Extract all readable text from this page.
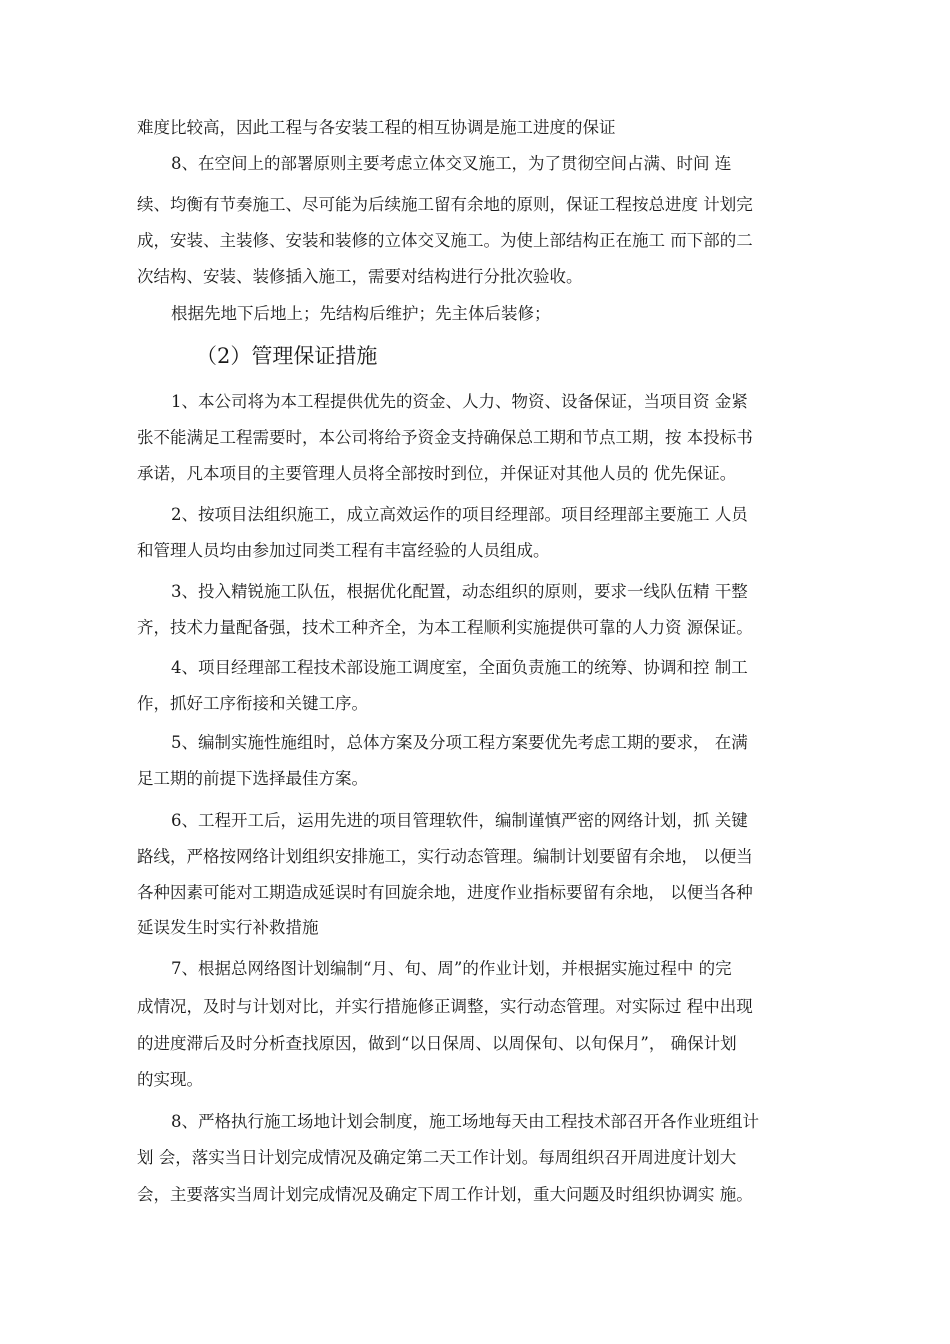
难度比较高，因此工程与各安装工程的相互协调是施工进度的保证
8、在空间上的部署原则主要考虑立体交叉施工，为了贯彻空间占满、时间 连
续、均衡有节奏施工、尽可能为后续施工留有余地的原则，保证工程按总进度 计划完
成，安装、主装修、安装和装修的立体交叉施工。为使上部结构正在施工 而下部的二
次结构、安装、装修插入施工，需要对结构进行分批次验收。
根据先地下后地上；先结构后维护；先主体后装修；
（2）管理保证措施
1、本公司将为本工程提供优先的资金、人力、物资、设备保证，当项目资 金紧
张不能满足工程需要时，本公司将给予资金支持确保总工期和节点工期，按 本投标书
承诺，凡本项目的主要管理人员将全部按时到位，并保证对其他人员的 优先保证。
2、按项目法组织施工，成立高效运作的项目经理部。项目经理部主要施工 人员
和管理人员均由参加过同类工程有丰富经验的人员组成。
3、投入精锐施工队伍，根据优化配置，动态组织的原则，要求一线队伍精 干整
齐，技术力量配备强，技术工种齐全，为本工程顺利实施提供可靠的人力资 源保证。
4、项目经理部工程技术部设施工调度室，全面负责施工的统筹、协调和控 制工
作，抓好工序衔接和关键工序。
5、编制实施性施组时，总体方案及分项工程方案要优先考虑工期的要求， 在满
足工期的前提下选择最佳方案。
6、工程开工后，运用先进的项目管理软件，编制谨慎严密的网络计划，抓 关键
路线，严格按网络计划组织安排施工，实行动态管理。编制计划要留有余地， 以便当
各种因素可能对工期造成延误时有回旋余地，进度作业指标要留有余地， 以便当各种
延误发生时实行补救措施
7、根据总网络图计划编制“月、旬、周”的作业计划，并根据实施过程中 的完
成情况，及时与计划对比，并实行措施修正调整，实行动态管理。对实际过 程中出现
的进度滞后及时分析查找原因，做到“以日保周、以周保旬、以旬保月”， 确保计划
的实现。
8、严格执行施工场地计划会制度，施工场地每天由工程技术部召开各作业班组计
划 会，落实当日计划完成情况及确定第二天工作计划。每周组织召开周进度计划大
会，主要落实当周计划完成情况及确定下周工作计划，重大问题及时组织协调实 施。
